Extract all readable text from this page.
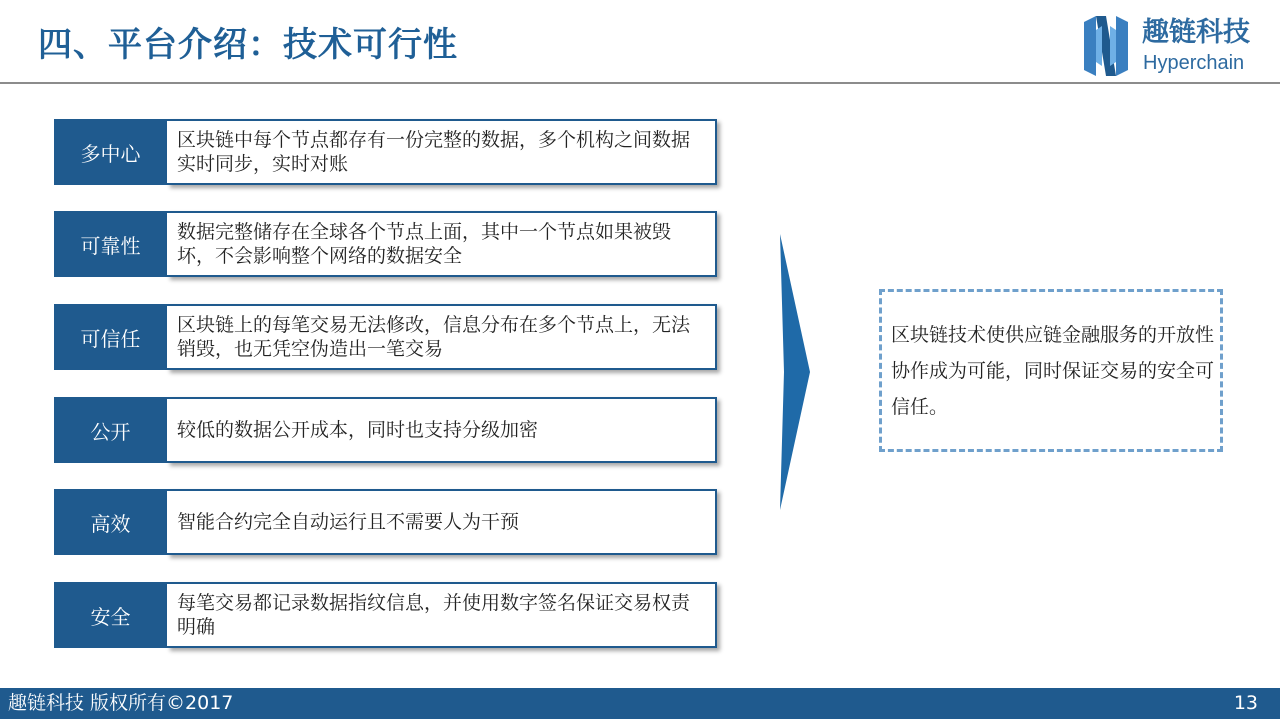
四、平台介绍：技术可行性	趣链科技
Hyperchain
多中心
区块链中每个节点都存有一份完整的数据，多个机构之间数据实时同步，实时对账
可靠性
数据完整储存在全球各个节点上面，其中一个节点如果被毁坏，不会影响整个网络的数据安全
可信任
区块链上的每笔交易无法修改，信息分布在多个节点上，无法销毁，也无凭空伪造出一笔交易
公开	较低的数据公开成本，同时也支持分级加密
高效	智能合约完全自动运行且不需要人为干预
安全
每笔交易都记录数据指纹信息，并使用数字签名保证交易权责明确
区块链技术使供应链金融服务的开放性协作成为可能，同时保证交易的安全可信任。
趣链科技 版权所有©2017	13
